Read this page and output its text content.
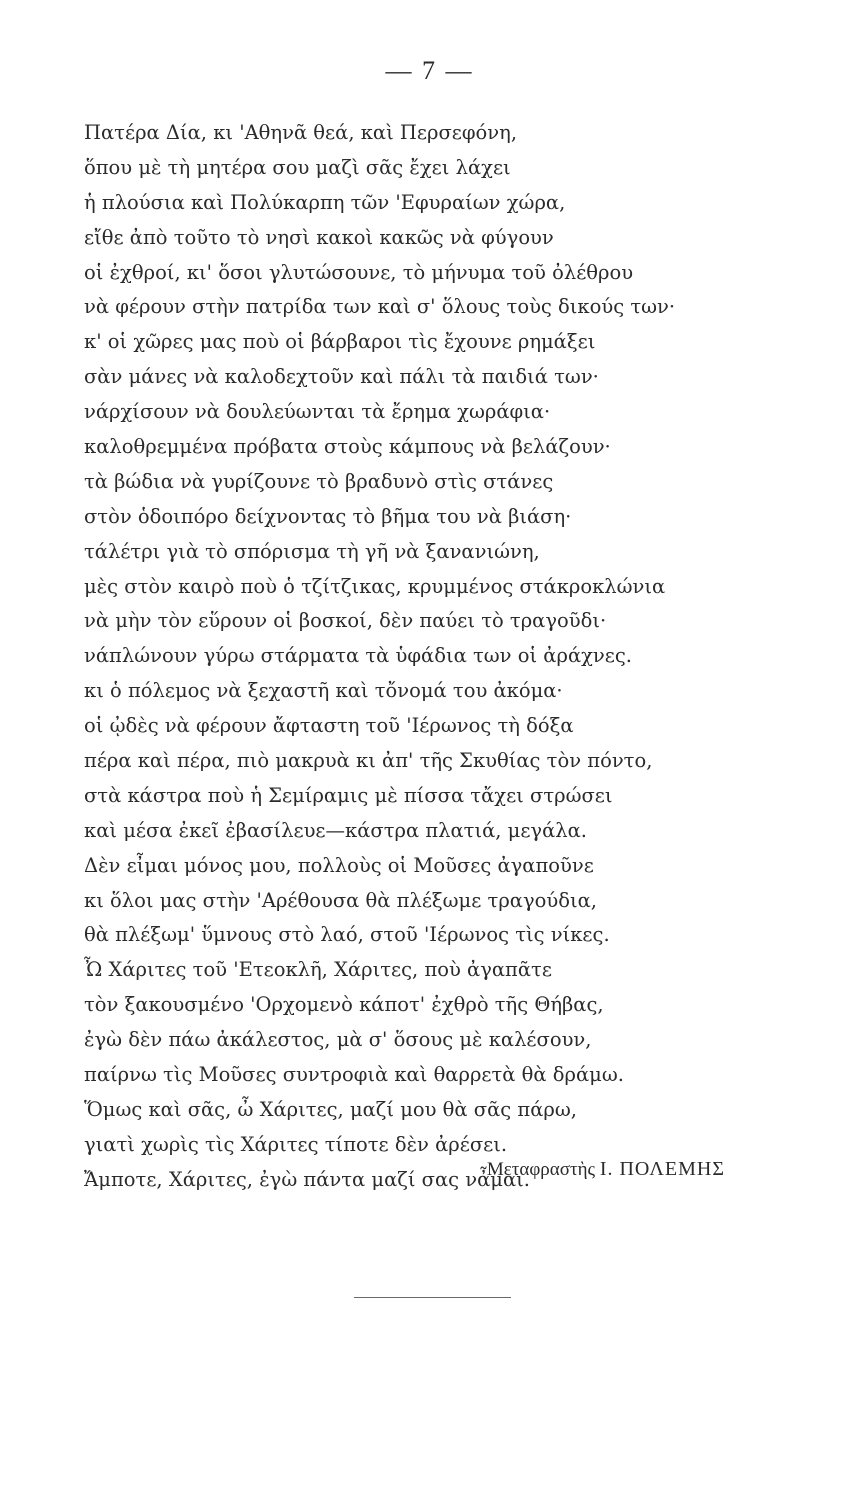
— 7 —
Πατέρα Δία, κι 'Αθηνᾶ θεά, καὶ Περσεφόνη,
ὅπου μὲ τὴ μητέρα σου μαζὶ σᾶς ἔχει λάχει
ἡ πλούσια καὶ Πολύκαρπη τῶν 'Εφυραίων χώρα,
εἴθε ἀπὸ τοῦτο τὸ νησὶ κακοὶ κακῶς νὰ φύγουν
οἱ ἐχθροί, κι' ὅσοι γλυτώσουνε, τὸ μήνυμα τοῦ ὀλέθρου
νὰ φέρουν στὴν πατρίδα των καὶ σ' ὅλους τοὺς δικούς των·
κ' οἱ χῶρες μας ποὺ οἱ βάρβαροι τὶς ἔχουνε ρημάξει
σὰν μάνες νὰ καλοδεχτοῦν καὶ πάλι τὰ παιδιά των·
νάρχίσουν νὰ δουλεύωνται τὰ ἔρημα χωράφια·
καλοθρεμμένα πρόβατα στοὺς κάμπους νὰ βελάζουν·
τὰ βώδια νὰ γυρίζουνε τὸ βραδυνὸ στὶς στάνες
στὸν ὁδοιπόρο δείχνοντας τὸ βῆμα του νὰ βιάση·
τάλέτρι γιὰ τὸ σπόρισμα τὴ γῆ νὰ ξανανιώνη,
μὲς στὸν καιρὸ ποὺ ὁ τζίτζικας, κρυμμένος στάκροκλώνια
νὰ μὴν τὸν εὕρουν οἱ βοσκοί, δὲν παύει τὸ τραγοῦδι·
νάπλώνουν γύρω στάρματα τὰ ὑφάδια των οἱ ἀράχνες.
κι ὁ πόλεμος νὰ ξεχαστῆ καὶ τὄνομά του ἀκόμα·
οἱ ᾠδὲς νὰ φέρουν ἄφταστη τοῦ 'Ιέρωνος τὴ δόξα
πέρα καὶ πέρα, πιὸ μακρυὰ κι ἀπ' τῆς Σκυθίας τὸν πόντο,
στὰ κάστρα ποὺ ἡ Σεμίραμις μὲ πίσσα τἄχει στρώσει
καὶ μέσα ἐκεῖ ἐβασίλευε—κάστρα πλατιά, μεγάλα.
Δὲν εἶμαι μόνος μου, πολλοὺς οἱ Μοῦσες ἀγαποῦνε
κι ὅλοι μας στὴν 'Αρέθουσα θὰ πλέξωμε τραγούδια,
θὰ πλέξωμ' ὕμνους στὸ λαό, στοῦ 'Ιέρωνος τὶς νίκες.
Ὦ Χάριτες τοῦ 'Ετεοκλῆ, Χάριτες, ποὺ ἀγαπᾶτε
τὸν ξακουσμένο 'Ορχομενὸ κάποτ' ἐχθρὸ τῆς Θήβας,
ἐγὼ δὲν πάω ἀκάλεστος, μὰ σ' ὅσους μὲ καλέσουν,
παίρνω τὶς Μοῦσες συντροφιὰ καὶ θαρρετὰ θὰ δράμω.
Ὅμως καὶ σᾶς, ὦ Χάριτες, μαζί μου θὰ σᾶς πάρω,
γιατὶ χωρὶς τὶς Χάριτες τίποτε δὲν ἀρέσει.
Ἄμποτε, Χάριτες, ἐγὼ πάντα μαζί σας νἆμαι.
Μεταφραστὴς Ι. ΠΟΛΕΜΗΣ
